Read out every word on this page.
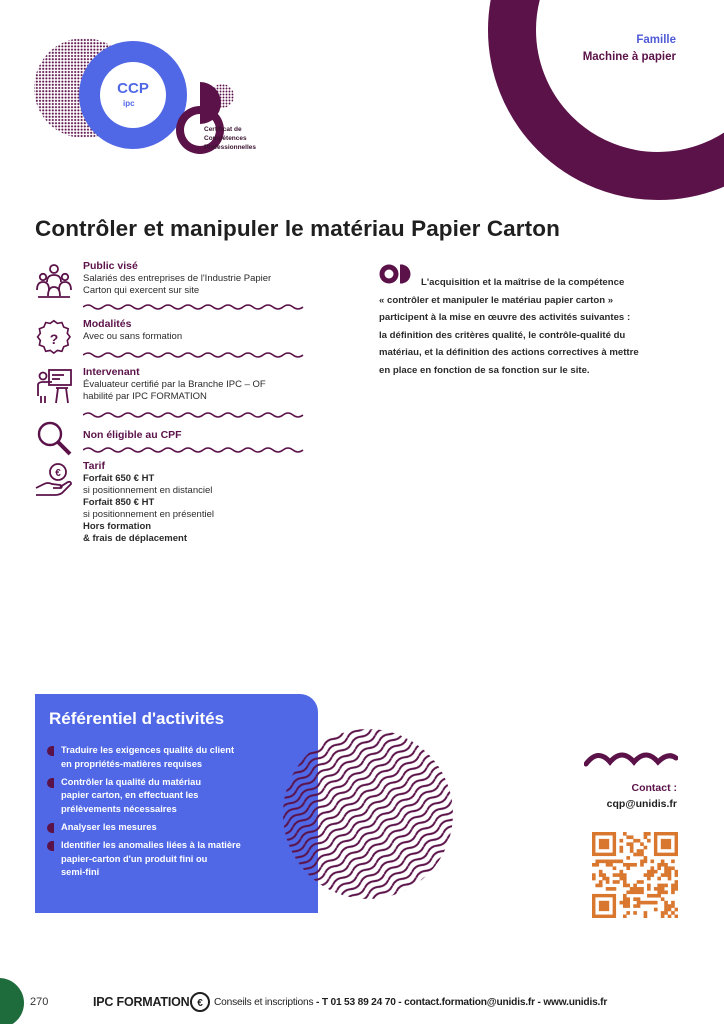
Famille
Machine à papier
CCP
ipc
Certificat de
Compétences
Professionnelles
Contrôler et manipuler le matériau Papier Carton
Public visé
Salariés des entreprises de l'Industrie Papier
Carton qui exercent sur site
?
Modalités
Avec ou sans formation
Intervenant
Évaluateur certifié par la Branche IPC – OF
habilité par IPC FORMATION
Non éligible au CPF
€
Tarif
Forfait 650 € HT
si positionnement en distanciel
Forfait 850 € HT
si positionnement en présentiel
Hors formation
& frais de déplacement
L'acquisition et la maîtrise de la compétence
« contrôler et manipuler le matériau papier carton »
participent à la mise en œuvre des activités suivantes :
la définition des critères qualité, le contrôle-qualité du
matériau, et la définition des actions correctives à mettre
en place en fonction de sa fonction sur le site.
Référentiel d'activités
Traduire les exigences qualité du client
en propriétés-matières requises
Contrôler la qualité du matériau
papier carton, en effectuant les
prélèvements nécessaires
Analyser les mesures
Identifier les anomalies liées à la matière
papier-carton d'un produit fini ou
semi-fini
Contact :
cqp@unidis.fr
270	IPC FORMATION € Conseils et inscriptions - T 01 53 89 24 70 - contact.formation@unidis.fr - www.unidis.fr
